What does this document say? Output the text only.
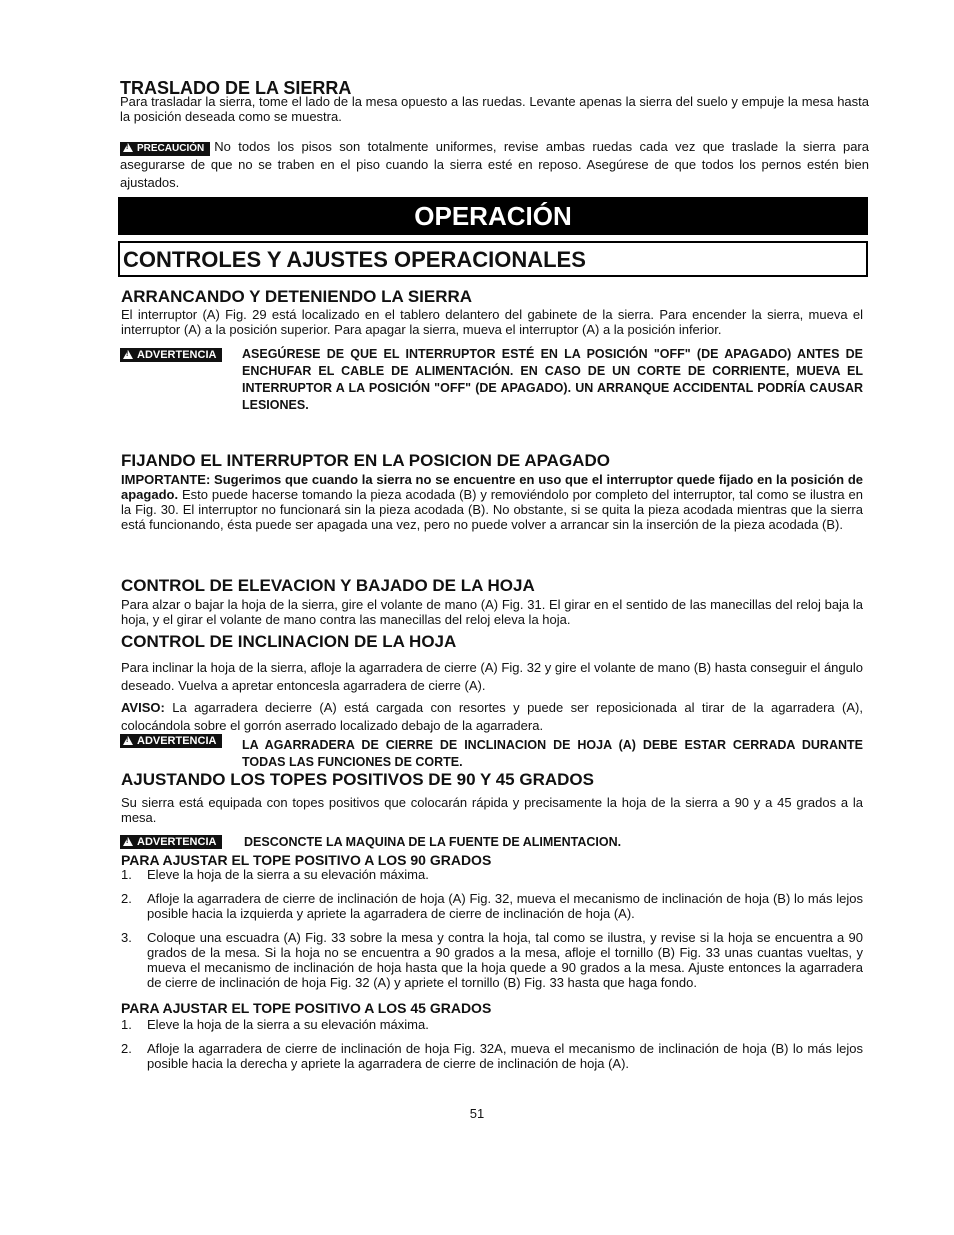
TRASLADO DE LA SIERRA

Para trasladar la sierra, tome el lado de la mesa opuesto a las ruedas. Levante apenas la sierra del suelo y empuje la mesa hasta la posición deseada como se muestra.

!PRECAUCIÓN No todos los pisos son totalmente uniformes, revise ambas ruedas cada vez que traslade la sierra para asegurarse de que no se traben en el piso cuando la sierra esté en reposo. Asegúrese de que todos los pernos estén bien ajustados.

OPERACIÓN
CONTROLES Y AJUSTES OPERACIONALES
ARRANCANDO Y DETENIENDO LA SIERRA

El interruptor (A) Fig. 29 está localizado en el tablero delantero del gabinete de la sierra. Para encender la sierra, mueva el interruptor (A) a la posición superior. Para apagar la sierra, mueva el interruptor (A) a la posición inferior.

!ADVERTENCIA	ASEGÚRESE DE QUE EL INTERRUPTOR ESTÉ EN LA POSICIÓN "OFF" (DE APAGADO) ANTES DE ENCHUFAR EL CABLE DE ALIMENTACIÓN. EN CASO DE UN CORTE DE CORRIENTE, MUEVA EL INTERRUPTOR A LA POSICIÓN "OFF" (DE APAGADO). UN ARRANQUE ACCIDENTAL PODRÍA CAUSAR LESIONES.

FIJANDO EL INTERRUPTOR EN LA POSICION DE APAGADO

IMPORTANTE: Sugerimos que cuando la sierra no se encuentre en uso que el interruptor quede fijado en la posición de apagado. Esto puede hacerse tomando la pieza acodada (B) y removiéndolo por completo del interruptor, tal como se ilustra en la Fig. 30. El interruptor no funcionará sin la pieza acodada (B). No obstante, si se quita la pieza acodada mientras que la sierra está funcionando, ésta puede ser apagada una vez, pero no puede volver a arrancar sin la inserción de la pieza acodada (B).

CONTROL DE ELEVACION Y BAJADO DE LA HOJA

Para alzar o bajar la hoja de la sierra, gire el volante de mano (A) Fig. 31. El girar en el sentido de las manecillas del reloj baja la hoja, y el girar el volante de mano contra las manecillas del reloj eleva la hoja.

CONTROL DE INCLINACION DE LA HOJA

Para inclinar la hoja de la sierra, afloje la agarradera de cierre (A) Fig. 32 y gire el volante de mano (B) hasta conseguir el ángulo deseado. Vuelva a apretar entoncesla agarradera de cierre (A).

AVISO: La agarradera decierre (A) está cargada con resortes y puede ser reposicionada al tirar de la agarradera (A), colocándola sobre el gorrón aserrado localizado debajo de la agarradera.

!ADVERTENCIA	LA AGARRADERA DE CIERRE DE INCLINACION DE HOJA (A) DEBE ESTAR CERRADA DURANTE TODAS LAS FUNCIONES DE CORTE.

AJUSTANDO LOS TOPES POSITIVOS DE 90 Y 45 GRADOS

Su sierra está equipada con topes positivos que colocarán rápida y precisamente la hoja de la sierra a 90 y a 45 grados a la mesa.

!ADVERTENCIA	DESCONCTE LA MAQUINA DE LA FUENTE DE ALIMENTACION.

PARA AJUSTAR EL TOPE POSITIVO A LOS 90 GRADOS
1. Eleve la hoja de la sierra a su elevación máxima.
2. Afloje la agarradera de cierre de inclinación de hoja (A) Fig. 32, mueva el mecanismo de inclinación de hoja (B) lo más lejos posible hacia la izquierda y apriete la agarradera de cierre de inclinación de hoja (A).
3. Coloque una escuadra (A) Fig. 33 sobre la mesa y contra la hoja, tal como se ilustra, y revise si la hoja se encuentra a 90 grados de la mesa. Si la hoja no se encuentra a 90 grados a la mesa, afloje el tornillo (B) Fig. 33 unas cuantas vueltas, y mueva el mecanismo de inclinación de hoja hasta que la hoja quede a 90 grados a la mesa. Ajuste entonces la agarradera de cierre de inclinación de hoja Fig. 32 (A) y apriete el tornillo (B) Fig. 33 hasta que haga fondo.
PARA AJUSTAR EL TOPE POSITIVO A LOS 45 GRADOS
1. Eleve la hoja de la sierra a su elevación máxima.
2. Afloje la agarradera de cierre de inclinación de hoja Fig. 32A, mueva el mecanismo de inclinación de hoja (B) lo más lejos posible hacia la derecha y apriete la agarradera de cierre de inclinación de hoja (A).
51
